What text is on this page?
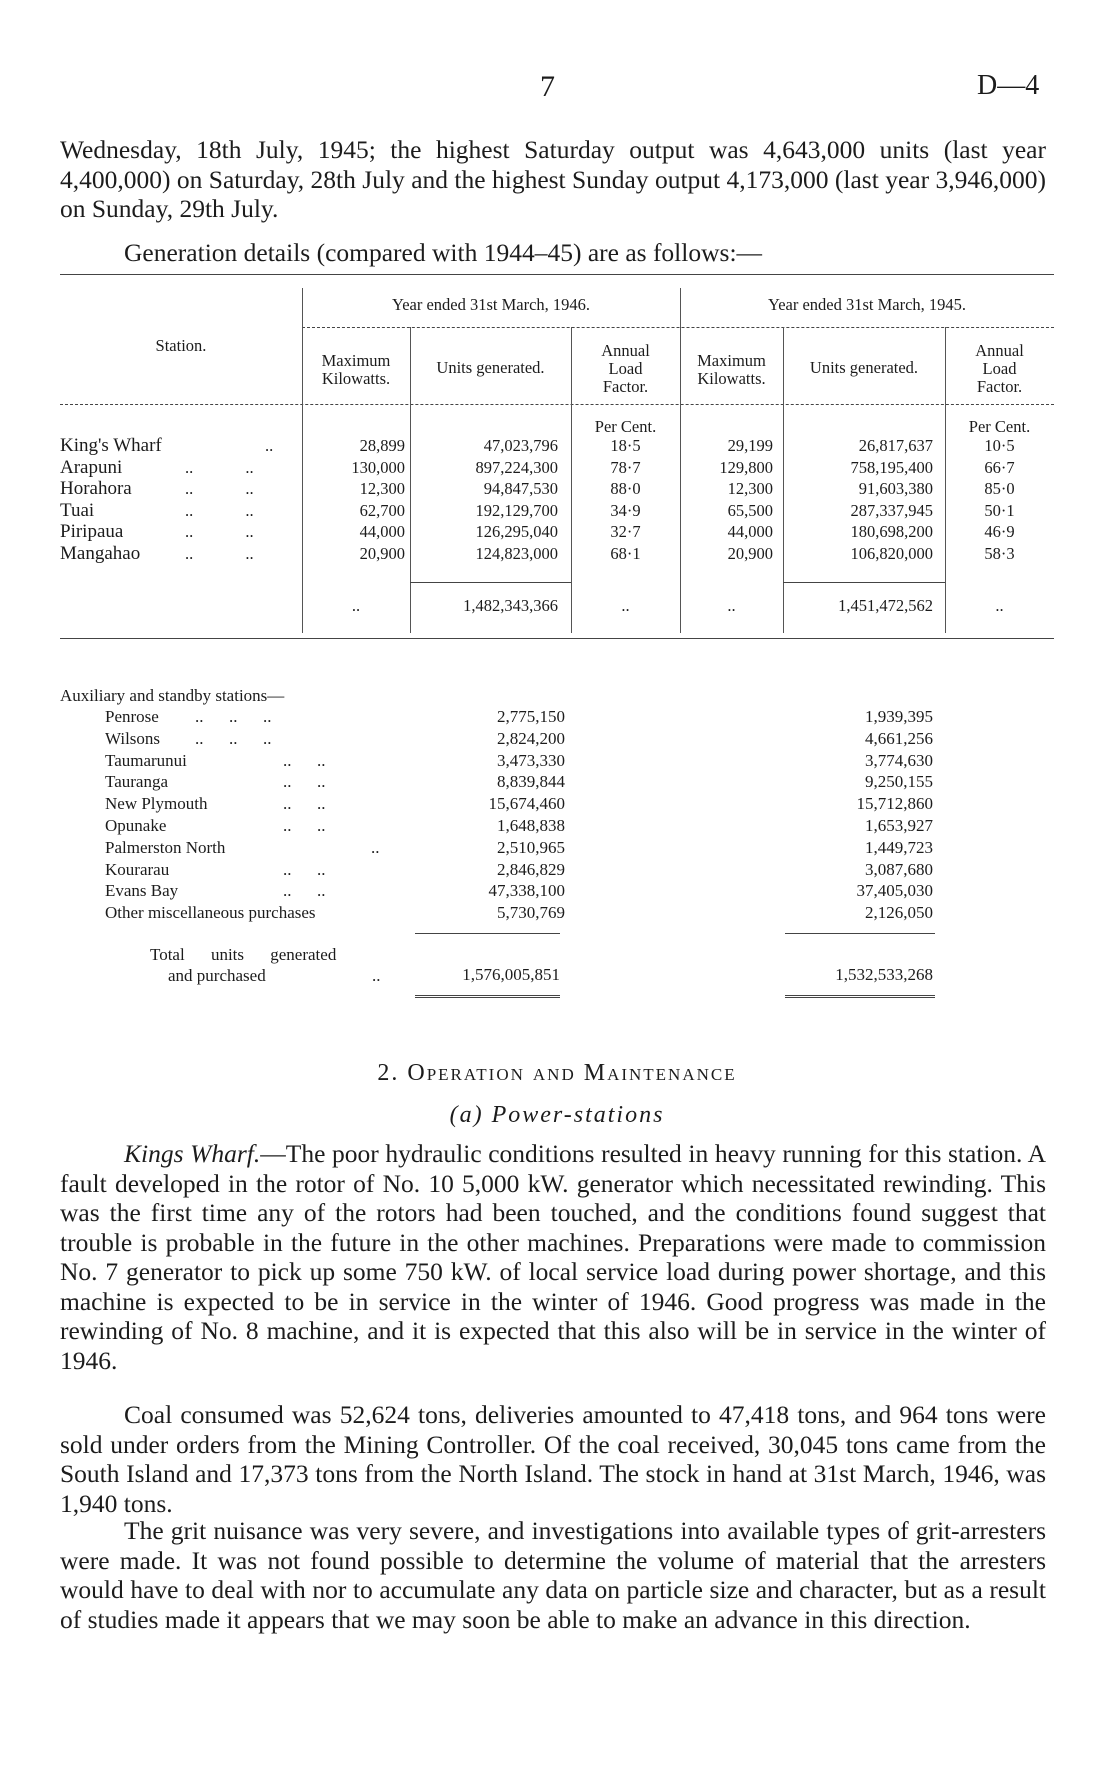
7	D—4
Wednesday, 18th July, 1945; the highest Saturday output was 4,643,000 units (last year 4,400,000) on Saturday, 28th July and the highest Sunday output 4,173,000 (last year 3,946,000) on Sunday, 29th July.
Generation details (compared with 1944–45) are as follows:—
Station.
Year ended 31st March, 1946.	Year ended 31st March, 1945.
Maximum Kilowatts.
Units generated.
Annual Load Factor.
Maximum Kilowatts.
Units generated.
Annual Load Factor.
Per Cent.	Per Cent.
King's Wharf	..	28,899	47,023,796	18·5	29,199	26,817,637	10·5
Arapuni	.. ..	130,000	897,224,300	78·7	129,800	758,195,400	66·7
Horahora	.. ..	12,300	94,847,530	88·0	12,300	91,603,380	85·0
Tuai	.. ..	62,700	192,129,700	34·9	65,500	287,337,945	50·1
Piripaua	.. ..	44,000	126,295,040	32·7	44,000	180,698,200	46·9
Mangahao	.. ..	20,900	124,823,000	68·1	20,900	106,820,000	58·3
..	1,482,343,366	..	..	1,451,472,562	..
Auxiliary and standby stations—
Penrose ..      ..      ..	2,775,150	1,939,395
Wilsons ..      ..      ..	2,824,200	4,661,256
Taumarunui	..      ..	3,473,330	3,774,630
Tauranga	..      ..	8,839,844	9,250,155
New Plymouth	..      ..	15,674,460	15,712,860
Opunake	..      ..	1,648,838	1,653,927
Palmerston North	..	2,510,965	1,449,723
Kourarau	..      ..	2,846,829	3,087,680
Evans Bay	..      ..	47,338,100	37,405,030
Other miscellaneous purchases	5,730,769	2,126,050
Total units generated
and purchased	..	1,576,005,851	1,532,533,268
2. Operation and Maintenance
(a) Power-stations
Kings Wharf.—The poor hydraulic conditions resulted in heavy running for this station. A fault developed in the rotor of No. 10 5,000 kW. generator which necessitated rewinding. This was the first time any of the rotors had been touched, and the conditions found suggest that trouble is probable in the future in the other machines. Preparations were made to commission No. 7 generator to pick up some 750 kW. of local service load during power shortage, and this machine is expected to be in service in the winter of 1946. Good progress was made in the rewinding of No. 8 machine, and it is expected that this also will be in service in the winter of 1946.
Coal consumed was 52,624 tons, deliveries amounted to 47,418 tons, and 964 tons were sold under orders from the Mining Controller. Of the coal received, 30,045 tons came from the South Island and 17,373 tons from the North Island. The stock in hand at 31st March, 1946, was 1,940 tons.
The grit nuisance was very severe, and investigations into available types of grit-arresters were made. It was not found possible to determine the volume of material that the arresters would have to deal with nor to accumulate any data on particle size and character, but as a result of studies made it appears that we may soon be able to make an advance in this direction.
